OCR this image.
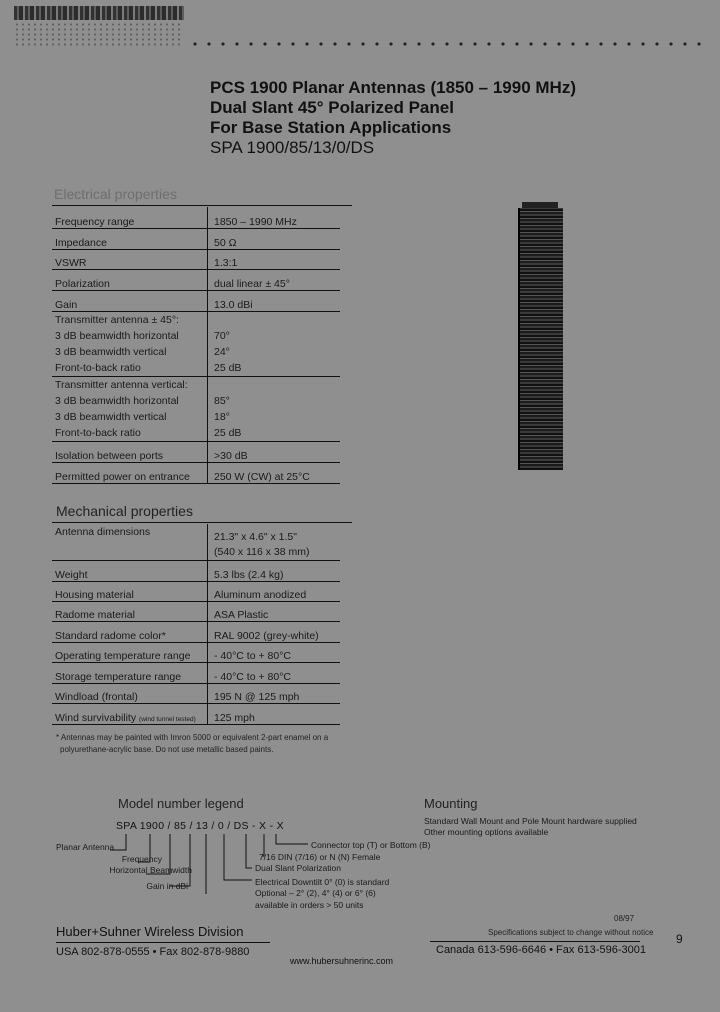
PCS 1900 Planar Antennas (1850 – 1990 MHz)
Dual Slant 45° Polarized Panel
For Base Station Applications
SPA 1900/85/13/0/DS
Electrical properties
Frequency range	1850 – 1990 MHz
Impedance	50 Ω
VSWR	1.3:1
Polarization	dual linear ± 45°
Gain	13.0 dBi
Transmitter antenna ± 45°:	
3 dB beamwidth horizontal	70°
3 dB beamwidth vertical	24°
Front-to-back ratio	25 dB
Transmitter antenna vertical:	
3 dB beamwidth horizontal	85°
3 dB beamwidth vertical	18°
Front-to-back ratio	25 dB
Isolation between ports	>30 dB
Permitted power on entrance	250 W (CW) at 25°C
Mechanical properties
Antenna dimensions	21.3" x 4.6" x 1.5"
(540 x 116 x 38 mm)

Weight	5.3 lbs (2.4 kg)
Housing material	Aluminum anodized
Radome material	ASA Plastic
Standard radome color*	RAL 9002 (grey-white)
Operating temperature range	- 40°C to + 80°C
Storage temperature range	- 40°C to + 80°C
Windload (frontal)	195 N @ 125 mph
Wind survivability (wind tunnel tested)	125 mph
* Antennas may be painted with Imron 5000 or equivalent 2-part enamel on a
polyurethane-acrylic base. Do not use metallic based paints.
Model number legend
SPA 1900 / 85 / 13 / 0 / DS - X - X
Planar Antenna
Frequency
Horizontal Beamwidth
Gain in dBi
Connector top (T) or Bottom (B)
7/16 DIN (7/16) or N (N) Female
Dual Slant Polarization
Electrical Downtilt 0° (0) is standard
Optional – 2° (2), 4° (4) or 6° (6)
available in orders > 50 units
Mounting
Standard Wall Mount and Pole Mount hardware supplied
Other mounting options available
Huber+Suhner Wireless Division
USA 802-878-0555 • Fax 802-878-9880
www.hubersuhnerinc.com
08/97
Specifications subject to change without notice
Canada 613-596-6646 • Fax 613-596-3001
9
